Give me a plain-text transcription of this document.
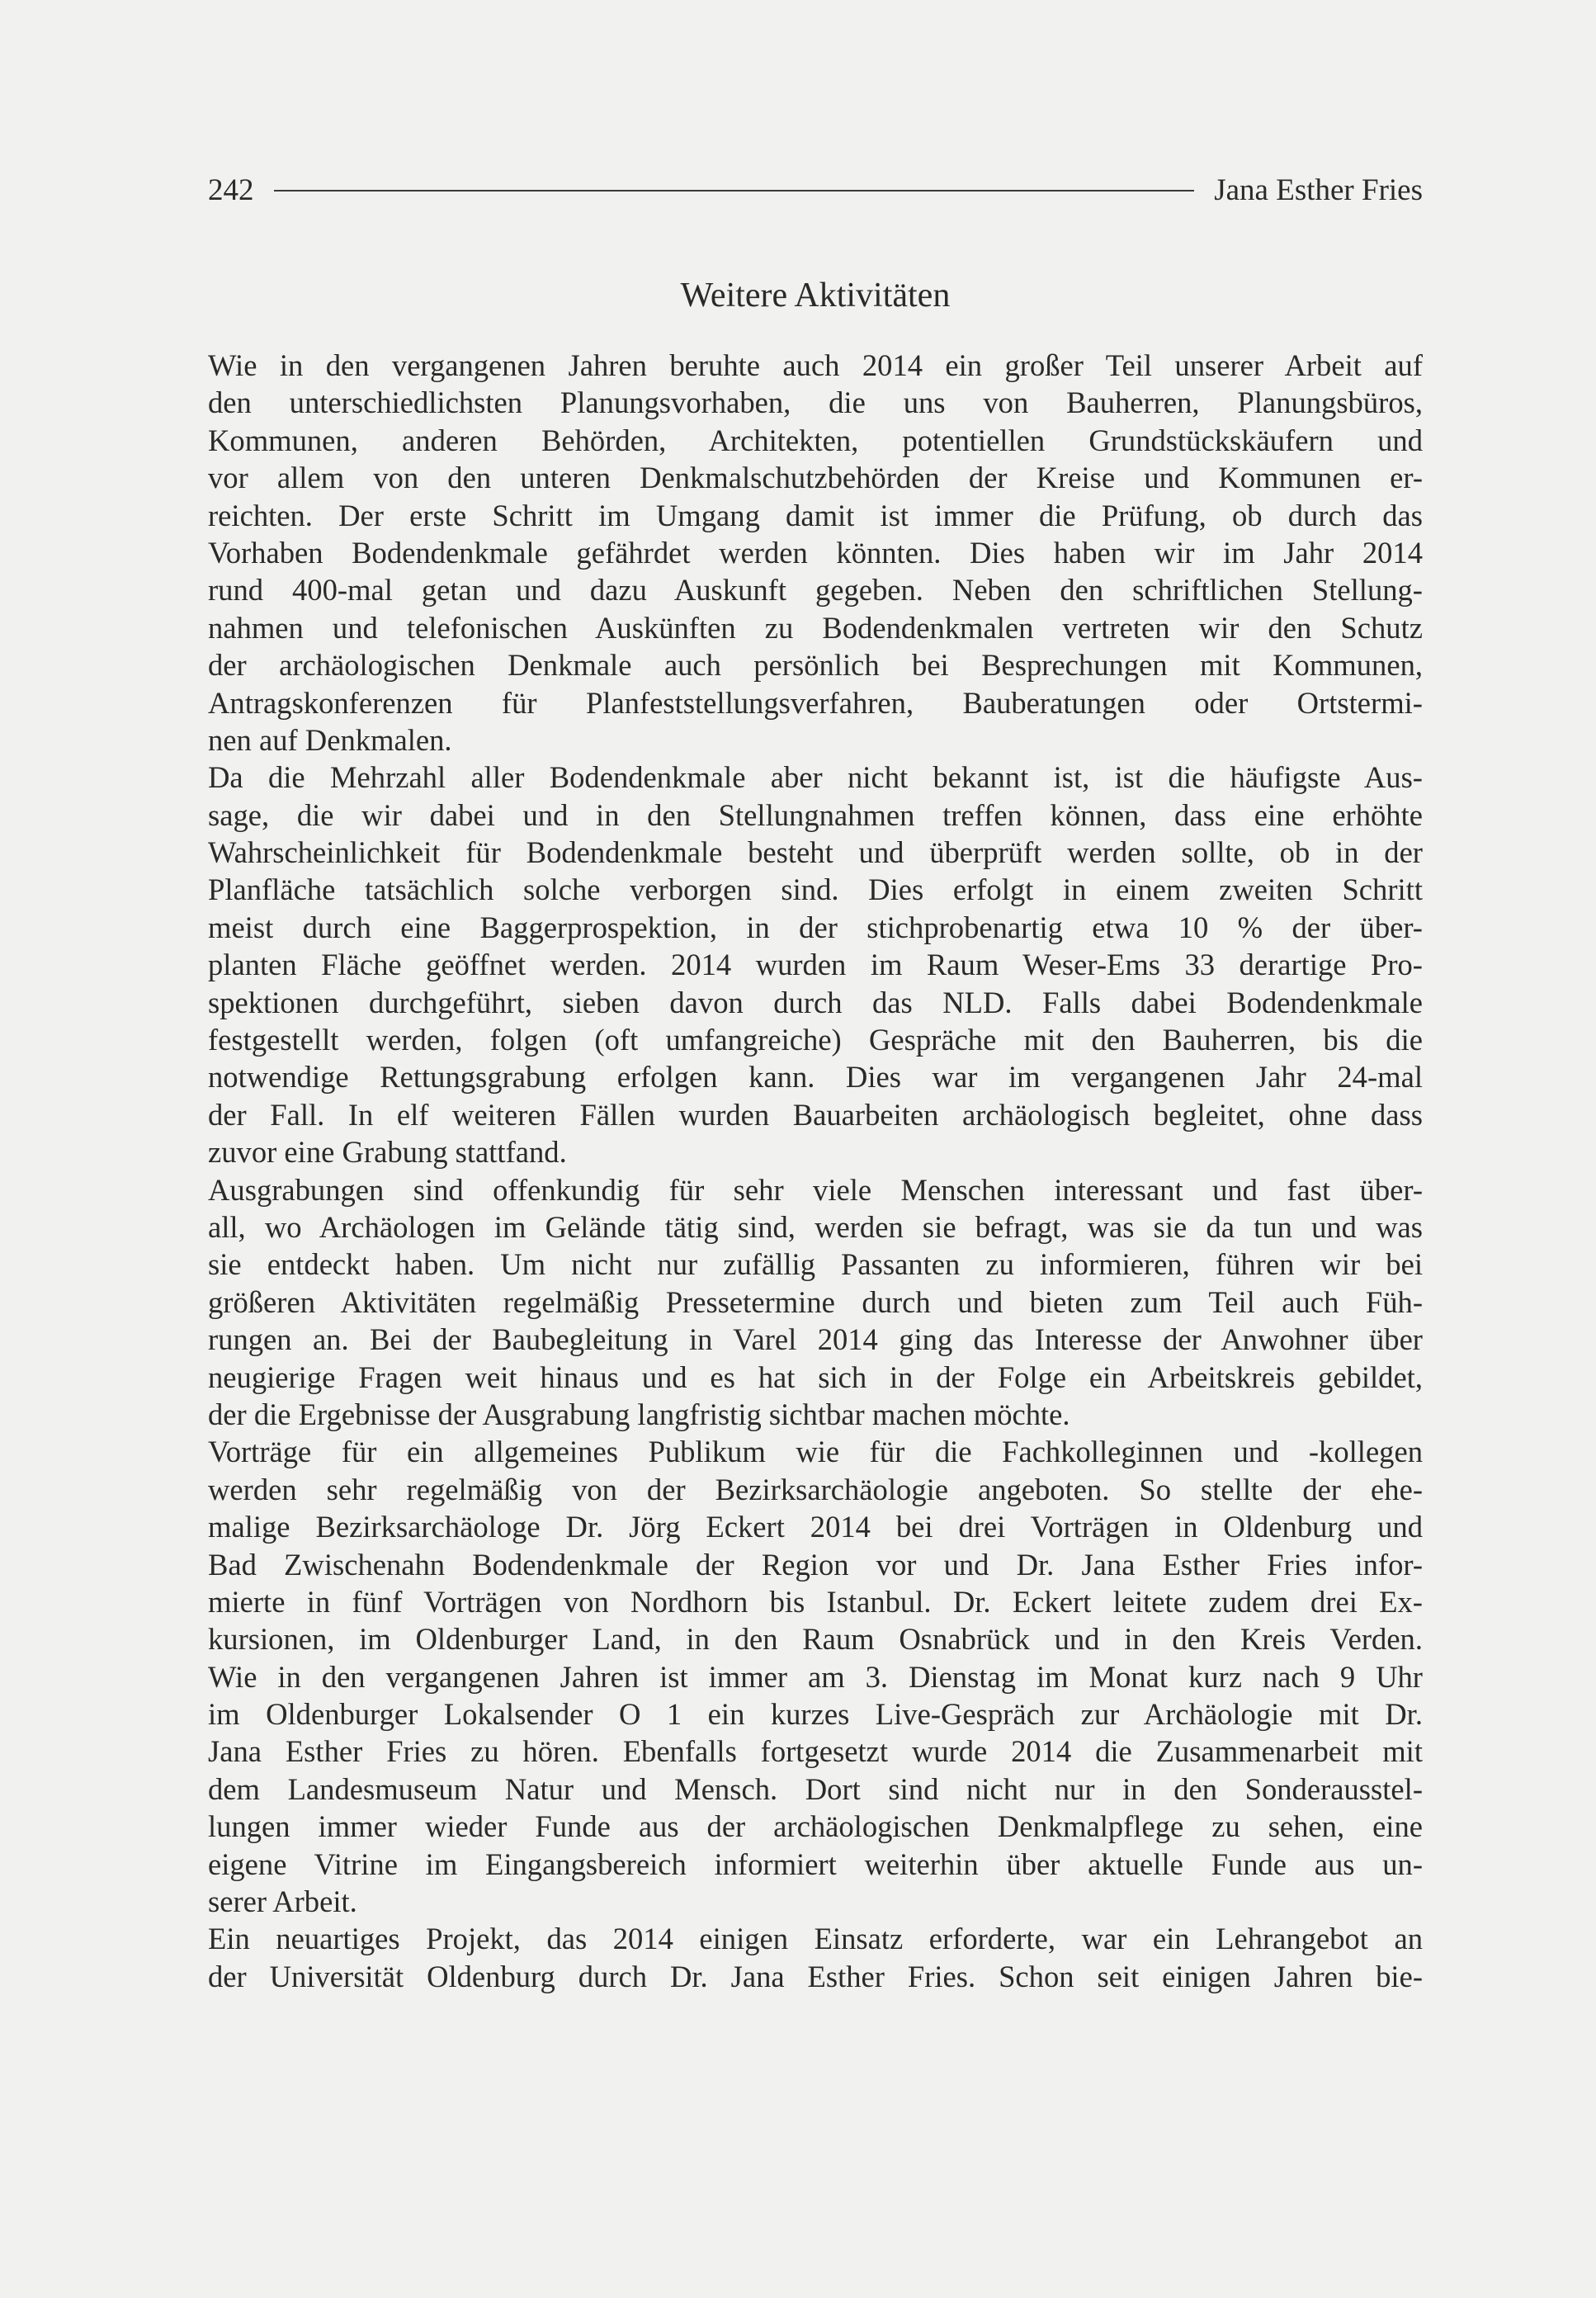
242	Jana Esther Fries
Weitere Aktivitäten
Wie in den vergangenen Jahren beruhte auch 2014 ein großer Teil unserer Arbeit auf
den unterschiedlichsten Planungsvorhaben, die uns von Bauherren, Planungsbüros,
Kommunen, anderen Behörden, Architekten, potentiellen Grundstückskäufern und
vor allem von den unteren Denkmalschutzbehörden der Kreise und Kommunen er-
reichten. Der erste Schritt im Umgang damit ist immer die Prüfung, ob durch das
Vorhaben Bodendenkmale gefährdet werden könnten. Dies haben wir im Jahr 2014
rund 400-mal getan und dazu Auskunft gegeben. Neben den schriftlichen Stellung-
nahmen und telefonischen Auskünften zu Bodendenkmalen vertreten wir den Schutz
der archäologischen Denkmale auch persönlich bei Besprechungen mit Kommunen,
Antragskonferenzen für Planfeststellungsverfahren, Bauberatungen oder Ortstermi-
nen auf Denkmalen.
Da die Mehrzahl aller Bodendenkmale aber nicht bekannt ist, ist die häufigste Aus-
sage, die wir dabei und in den Stellungnahmen treffen können, dass eine erhöhte
Wahrscheinlichkeit für Bodendenkmale besteht und überprüft werden sollte, ob in der
Planfläche tatsächlich solche verborgen sind. Dies erfolgt in einem zweiten Schritt
meist durch eine Baggerprospektion, in der stichprobenartig etwa 10 % der über-
planten Fläche geöffnet werden. 2014 wurden im Raum Weser-Ems 33 derartige Pro-
spektionen durchgeführt, sieben davon durch das NLD. Falls dabei Bodendenkmale
festgestellt werden, folgen (oft umfangreiche) Gespräche mit den Bauherren, bis die
notwendige Rettungsgrabung erfolgen kann. Dies war im vergangenen Jahr 24-mal
der Fall. In elf weiteren Fällen wurden Bauarbeiten archäologisch begleitet, ohne dass
zuvor eine Grabung stattfand.
Ausgrabungen sind offenkundig für sehr viele Menschen interessant und fast über-
all, wo Archäologen im Gelände tätig sind, werden sie befragt, was sie da tun und was
sie entdeckt haben. Um nicht nur zufällig Passanten zu informieren, führen wir bei
größeren Aktivitäten regelmäßig Pressetermine durch und bieten zum Teil auch Füh-
rungen an. Bei der Baubegleitung in Varel 2014 ging das Interesse der Anwohner über
neugierige Fragen weit hinaus und es hat sich in der Folge ein Arbeitskreis gebildet,
der die Ergebnisse der Ausgrabung langfristig sichtbar machen möchte.
Vorträge für ein allgemeines Publikum wie für die Fachkolleginnen und -kollegen
werden sehr regelmäßig von der Bezirksarchäologie angeboten. So stellte der ehe-
malige Bezirksarchäologe Dr. Jörg Eckert 2014 bei drei Vorträgen in Oldenburg und
Bad Zwischenahn Bodendenkmale der Region vor und Dr. Jana Esther Fries infor-
mierte in fünf Vorträgen von Nordhorn bis Istanbul. Dr. Eckert leitete zudem drei Ex-
kursionen, im Oldenburger Land, in den Raum Osnabrück und in den Kreis Verden.
Wie in den vergangenen Jahren ist immer am 3. Dienstag im Monat kurz nach 9 Uhr
im Oldenburger Lokalsender O 1 ein kurzes Live-Gespräch zur Archäologie mit Dr.
Jana Esther Fries zu hören. Ebenfalls fortgesetzt wurde 2014 die Zusammenarbeit mit
dem Landesmuseum Natur und Mensch. Dort sind nicht nur in den Sonderausstel-
lungen immer wieder Funde aus der archäologischen Denkmalpflege zu sehen, eine
eigene Vitrine im Eingangsbereich informiert weiterhin über aktuelle Funde aus un-
serer Arbeit.
Ein neuartiges Projekt, das 2014 einigen Einsatz erforderte, war ein Lehrangebot an
der Universität Oldenburg durch Dr. Jana Esther Fries. Schon seit einigen Jahren bie-
